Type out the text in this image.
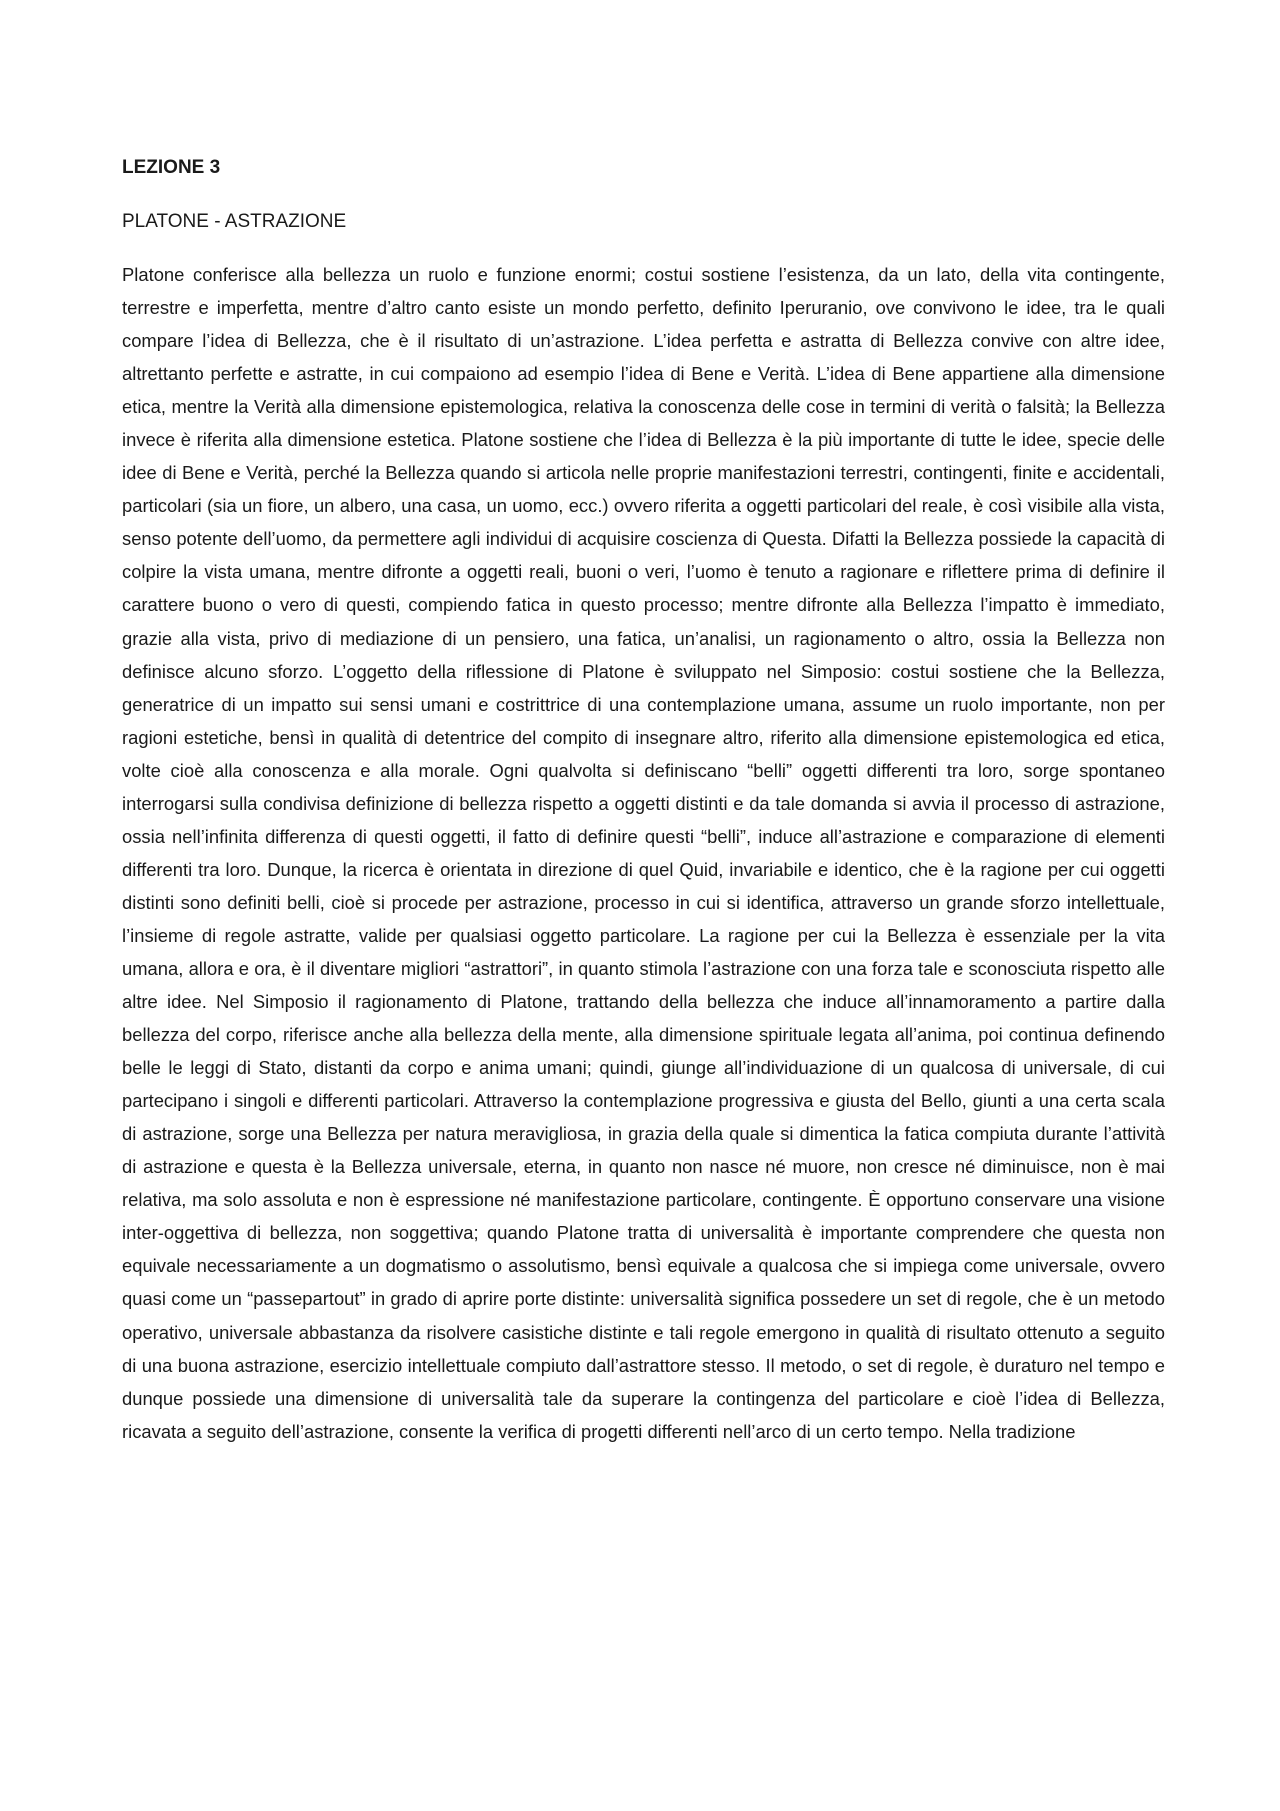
LEZIONE 3
PLATONE - ASTRAZIONE

Platone conferisce alla bellezza un ruolo e funzione enormi; costui sostiene l’esistenza, da un lato, della vita contingente, terrestre e imperfetta, mentre d’altro canto esiste un mondo perfetto, definito Iperuranio, ove convivono le idee, tra le quali compare l’idea di Bellezza, che è il risultato di un’astrazione. L’idea perfetta e astratta di Bellezza convive con altre idee, altrettanto perfette e astratte, in cui compaiono ad esempio l’idea di Bene e Verità. L’idea di Bene appartiene alla dimensione etica, mentre la Verità alla dimensione epistemologica, relativa la conoscenza delle cose in termini di verità o falsità; la Bellezza invece è riferita alla dimensione estetica. Platone sostiene che l’idea di Bellezza è la più importante di tutte le idee, specie delle idee di Bene e Verità, perché la Bellezza quando si articola nelle proprie manifestazioni terrestri, contingenti, finite e accidentali, particolari (sia un fiore, un albero, una casa, un uomo, ecc.) ovvero riferita a oggetti particolari del reale, è così visibile alla vista, senso potente dell’uomo, da permettere agli individui di acquisire coscienza di Questa. Difatti la Bellezza possiede la capacità di colpire la vista umana, mentre difronte a oggetti reali, buoni o veri, l’uomo è tenuto a ragionare e riflettere prima di definire il carattere buono o vero di questi, compiendo fatica in questo processo; mentre difronte alla Bellezza l’impatto è immediato, grazie alla vista, privo di mediazione di un pensiero, una fatica, un’analisi, un ragionamento o altro, ossia la Bellezza non definisce alcuno sforzo. L’oggetto della riflessione di Platone è sviluppato nel Simposio: costui sostiene che la Bellezza, generatrice di un impatto sui sensi umani e costrittrice di una contemplazione umana, assume un ruolo importante, non per ragioni estetiche, bensì in qualità di detentrice del compito di insegnare altro, riferito alla dimensione epistemologica ed etica, volte cioè alla conoscenza e alla morale. Ogni qualvolta si definiscano “belli” oggetti differenti tra loro, sorge spontaneo interrogarsi sulla condivisa definizione di bellezza rispetto a oggetti distinti e da tale domanda si avvia il processo di astrazione, ossia nell’infinita differenza di questi oggetti, il fatto di definire questi “belli”, induce all’astrazione e comparazione di elementi differenti tra loro. Dunque, la ricerca è orientata in direzione di quel Quid, invariabile e identico, che è la ragione per cui oggetti distinti sono definiti belli, cioè si procede per astrazione, processo in cui si identifica, attraverso un grande sforzo intellettuale, l’insieme di regole astratte, valide per qualsiasi oggetto particolare. La ragione per cui la Bellezza è essenziale per la vita umana, allora e ora, è il diventare migliori “astrattori”, in quanto stimola l’astrazione con una forza tale e sconosciuta rispetto alle altre idee. Nel Simposio il ragionamento di Platone, trattando della bellezza che induce all’innamoramento a partire dalla bellezza del corpo, riferisce anche alla bellezza della mente, alla dimensione spirituale legata all’anima, poi continua definendo belle le leggi di Stato, distanti da corpo e anima umani; quindi, giunge all’individuazione di un qualcosa di universale, di cui partecipano i singoli e differenti particolari. Attraverso la contemplazione progressiva e giusta del Bello, giunti a una certa scala di astrazione, sorge una Bellezza per natura meravigliosa, in grazia della quale si dimentica la fatica compiuta durante l’attività di astrazione e questa è la Bellezza universale, eterna, in quanto non nasce né muore, non cresce né diminuisce, non è mai relativa, ma solo assoluta e non è espressione né manifestazione particolare, contingente. È opportuno conservare una visione inter-oggettiva di bellezza, non soggettiva; quando Platone tratta di universalità è importante comprendere che questa non equivale necessariamente a un dogmatismo o assolutismo, bensì equivale a qualcosa che si impiega come universale, ovvero quasi come un “passepartout” in grado di aprire porte distinte: universalità significa possedere un set di regole, che è un metodo operativo, universale abbastanza da risolvere casistiche distinte e tali regole emergono in qualità di risultato ottenuto a seguito di una buona astrazione, esercizio intellettuale compiuto dall’astrattore stesso. Il metodo, o set di regole, è duraturo nel tempo e dunque possiede una dimensione di universalità tale da superare la contingenza del particolare e cioè l’idea di Bellezza, ricavata a seguito dell’astrazione, consente la verifica di progetti differenti nell’arco di un certo tempo. Nella tradizione
